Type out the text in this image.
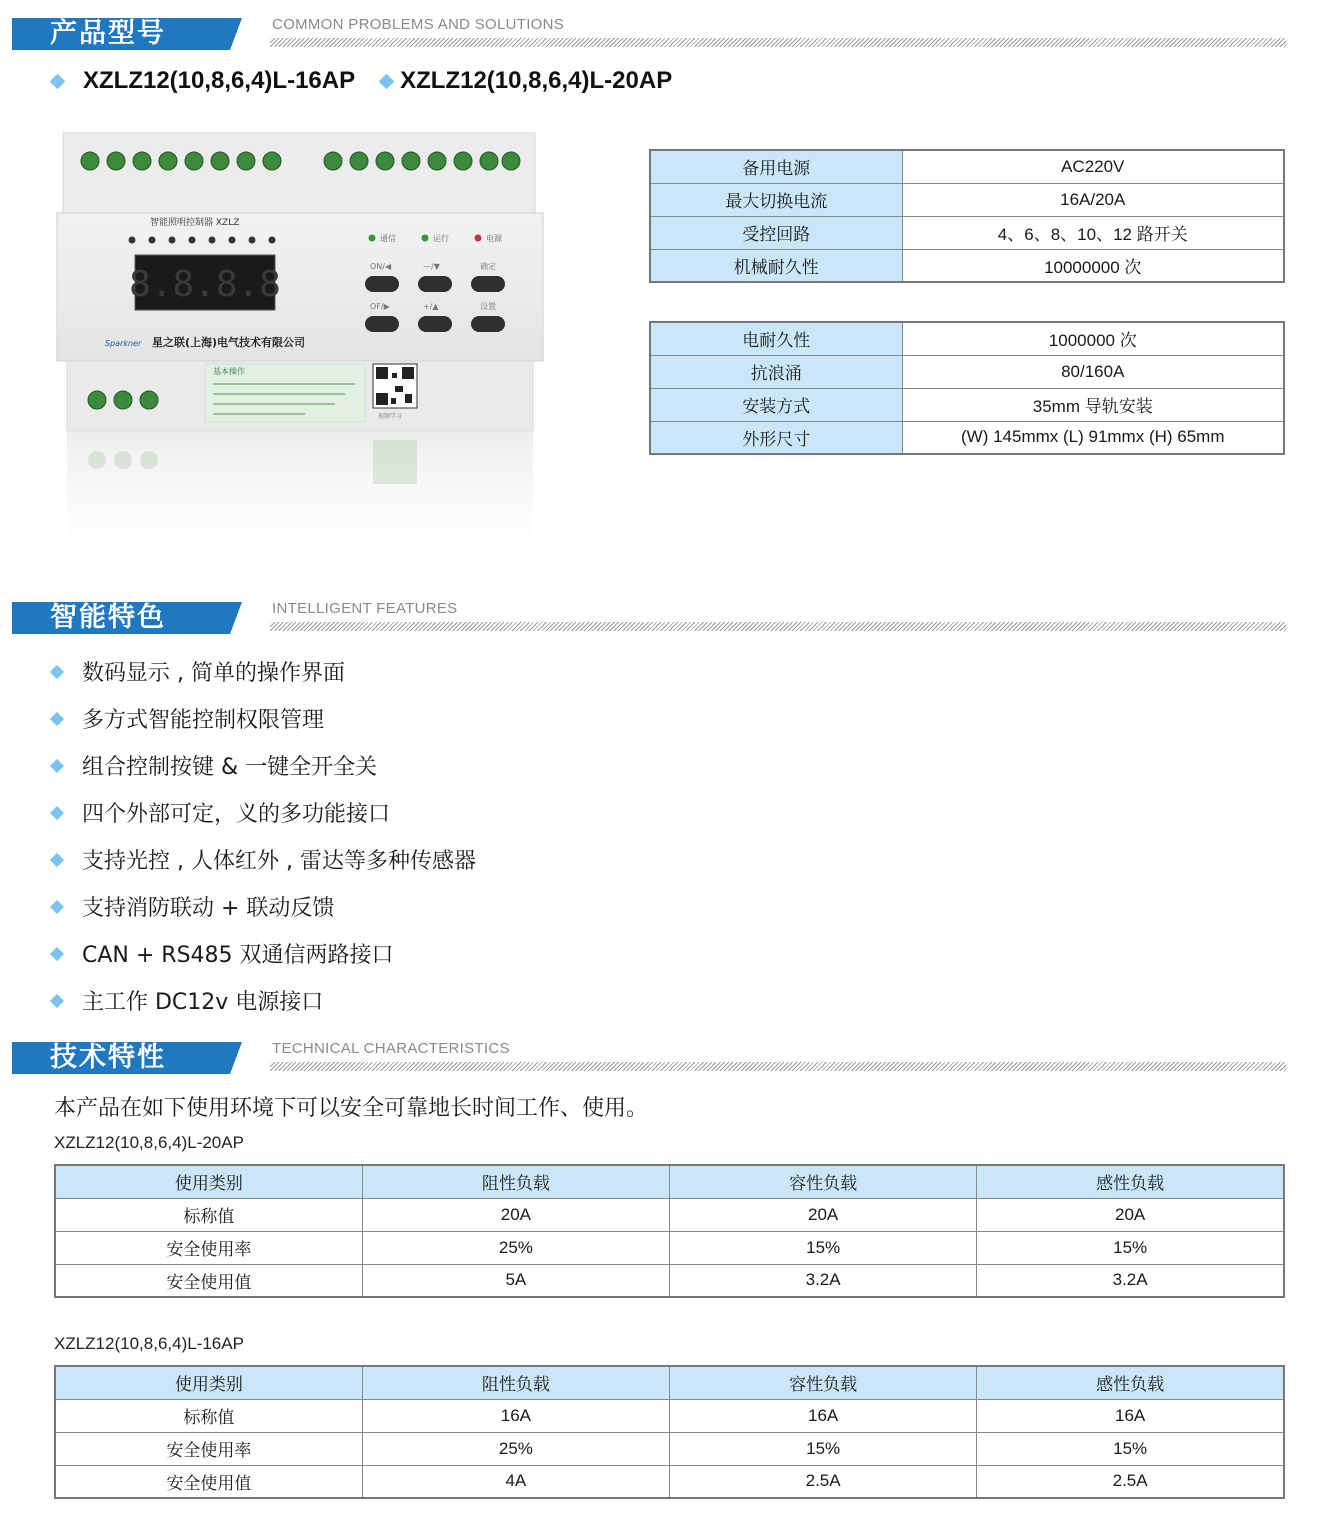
产品型号	COMMON PROBLEMS AND SOLUTIONS
XZLZ12(10,8,6,4)L-16AP XZLZ12(10,8,6,4)L-20AP
智能照明控制器 XZLZ
8.8.8.8
通信	运行	电源
ON/◀	—/▼	确定
OF/▶	+/▲	设置
Sparkner 星之联(上海)电气技术有限公司
基本操作
视频学习
备用电源	AC220V
最大切换电流	16A/20A
受控回路	4、6、8、10、12 路开关
机械耐久性	10000000 次
电耐久性	1000000 次
抗浪涌	80/160A
安装方式	35mm 导轨安装
外形尺寸	(W) 145mmx (L) 91mmx (H) 65mm
智能特色	INTELLIGENT FEATURES
数码显示 , 简单的操作界面
多方式智能控制权限管理
组合控制按键 & 一键全开全关
四个外部可定，义的多功能接口
支持光控 , 人体红外 , 雷达等多种传感器
支持消防联动 + 联动反馈
CAN + RS485 双通信两路接口
主工作 DC12v 电源接口
技术特性	TECHNICAL CHARACTERISTICS
本产品在如下使用环境下可以安全可靠地长时间工作、使用。
XZLZ12(10,8,6,4)L-20AP
使用类别	阻性负载	容性负载	感性负载
标称值	20A	20A	20A
安全使用率	25%	15%	15%
安全使用值	5A	3.2A	3.2A
XZLZ12(10,8,6,4)L-16AP
使用类别	阻性负载	容性负载	感性负载
标称值	16A	16A	16A
安全使用率	25%	15%	15%
安全使用值	4A	2.5A	2.5A
